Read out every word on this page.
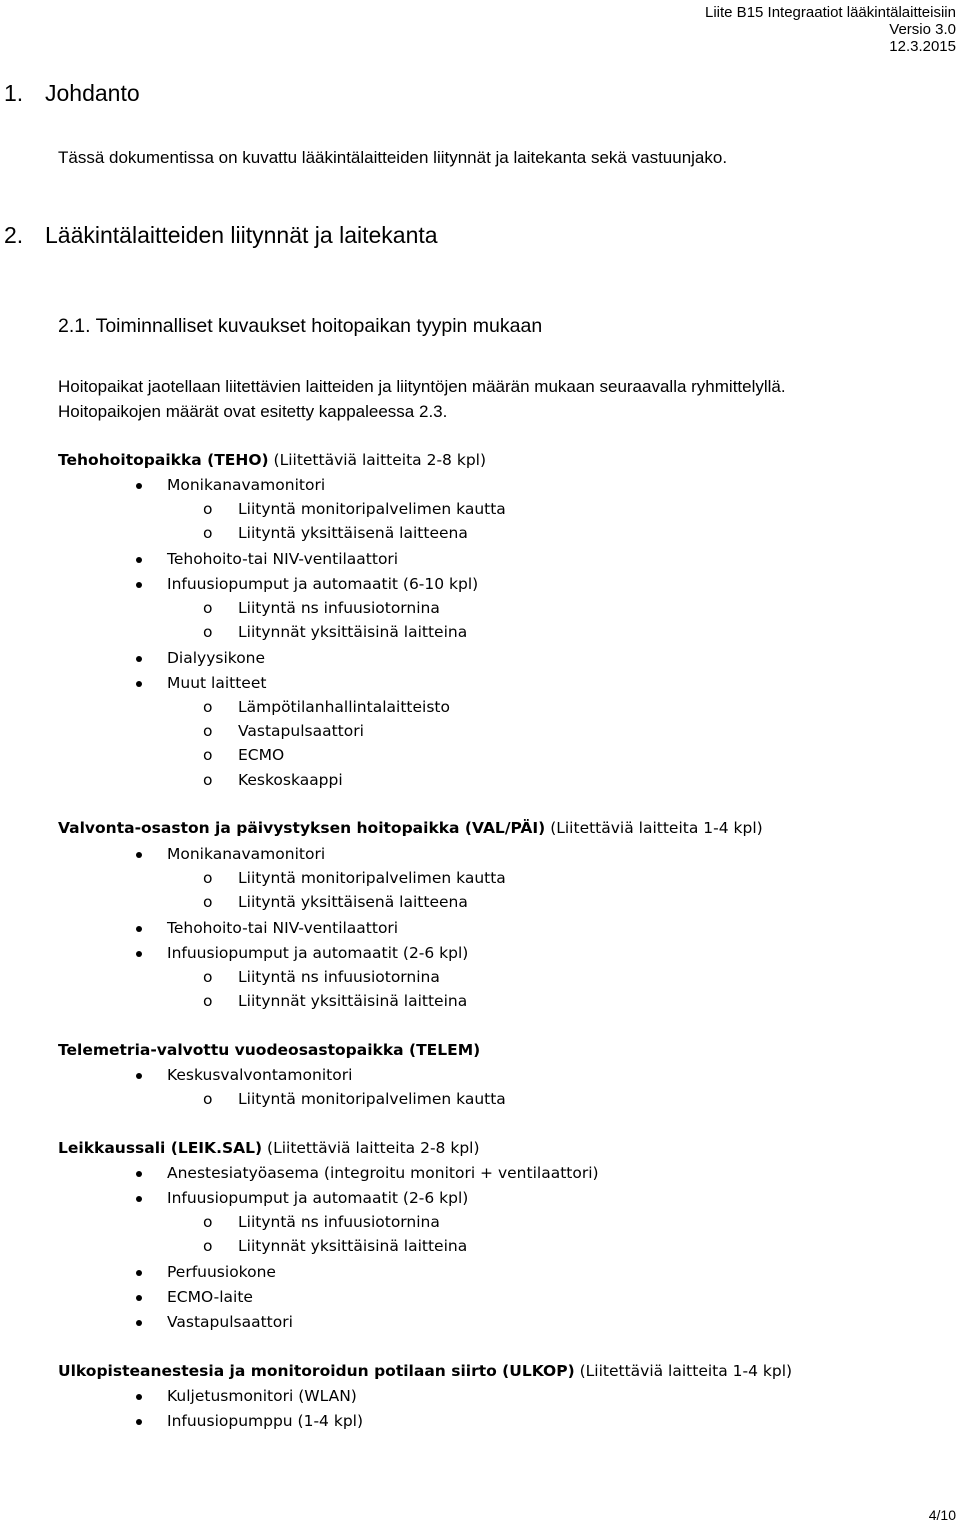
Liite B15 Integraatiot lääkintälaitteisiin
Versio 3.0
12.3.2015
1. Johdanto
Tässä dokumentissa on kuvattu lääkintälaitteiden liitynnät ja laitekanta sekä vastuunjako.
2. Lääkintälaitteiden liitynnät ja laitekanta
2.1. Toiminnalliset kuvaukset hoitopaikan tyypin mukaan
Hoitopaikat jaotellaan liitettävien laitteiden ja liityntöjen määrän mukaan seuraavalla ryhmittelyllä.
Hoitopaikojen määrät ovat esitetty kappaleessa 2.3.
Tehohoitopaikka (TEHO) (Liitettäviä laitteita 2-8 kpl)
Monikanavamonitori
o Liityntä monitoripalvelimen kautta
o Liityntä yksittäisenä laitteena
Tehohoito-tai NIV-ventilaattori
Infuusiopumput ja automaatit (6-10 kpl)
o Liityntä ns infuusiotornina
o Liitynnät yksittäisinä laitteina
Dialyysikone
Muut laitteet
o Lämpötilanhallintalaitteisto
o Vastapulsaattori
o ECMO
o Keskoskaappi
Valvonta-osaston ja päivystyksen hoitopaikka (VAL/PÄI) (Liitettäviä laitteita 1-4 kpl)
Monikanavamonitori
o Liityntä monitoripalvelimen kautta
o Liityntä yksittäisenä laitteena
Tehohoito-tai NIV-ventilaattori
Infuusiopumput ja automaatit (2-6 kpl)
o Liityntä ns infuusiotornina
o Liitynnät yksittäisinä laitteina
Telemetria-valvottu vuodeosastopaikka (TELEM)
Keskusvalvontamonitori
o Liityntä monitoripalvelimen kautta
Leikkaussali (LEIK.SAL) (Liitettäviä laitteita 2-8 kpl)
Anestesiatyöasema (integroitu monitori + ventilaattori)
Infuusiopumput ja automaatit (2-6 kpl)
o Liityntä ns infuusiotornina
o Liitynnät yksittäisinä laitteina
Perfuusiokone
ECMO-laite
Vastapulsaattori
Ulkopisteanestesia ja monitoroidun potilaan siirto (ULKOP) (Liitettäviä laitteita 1-4 kpl)
Kuljetusmonitori (WLAN)
Infuusiopumppu (1-4 kpl)
4/10
